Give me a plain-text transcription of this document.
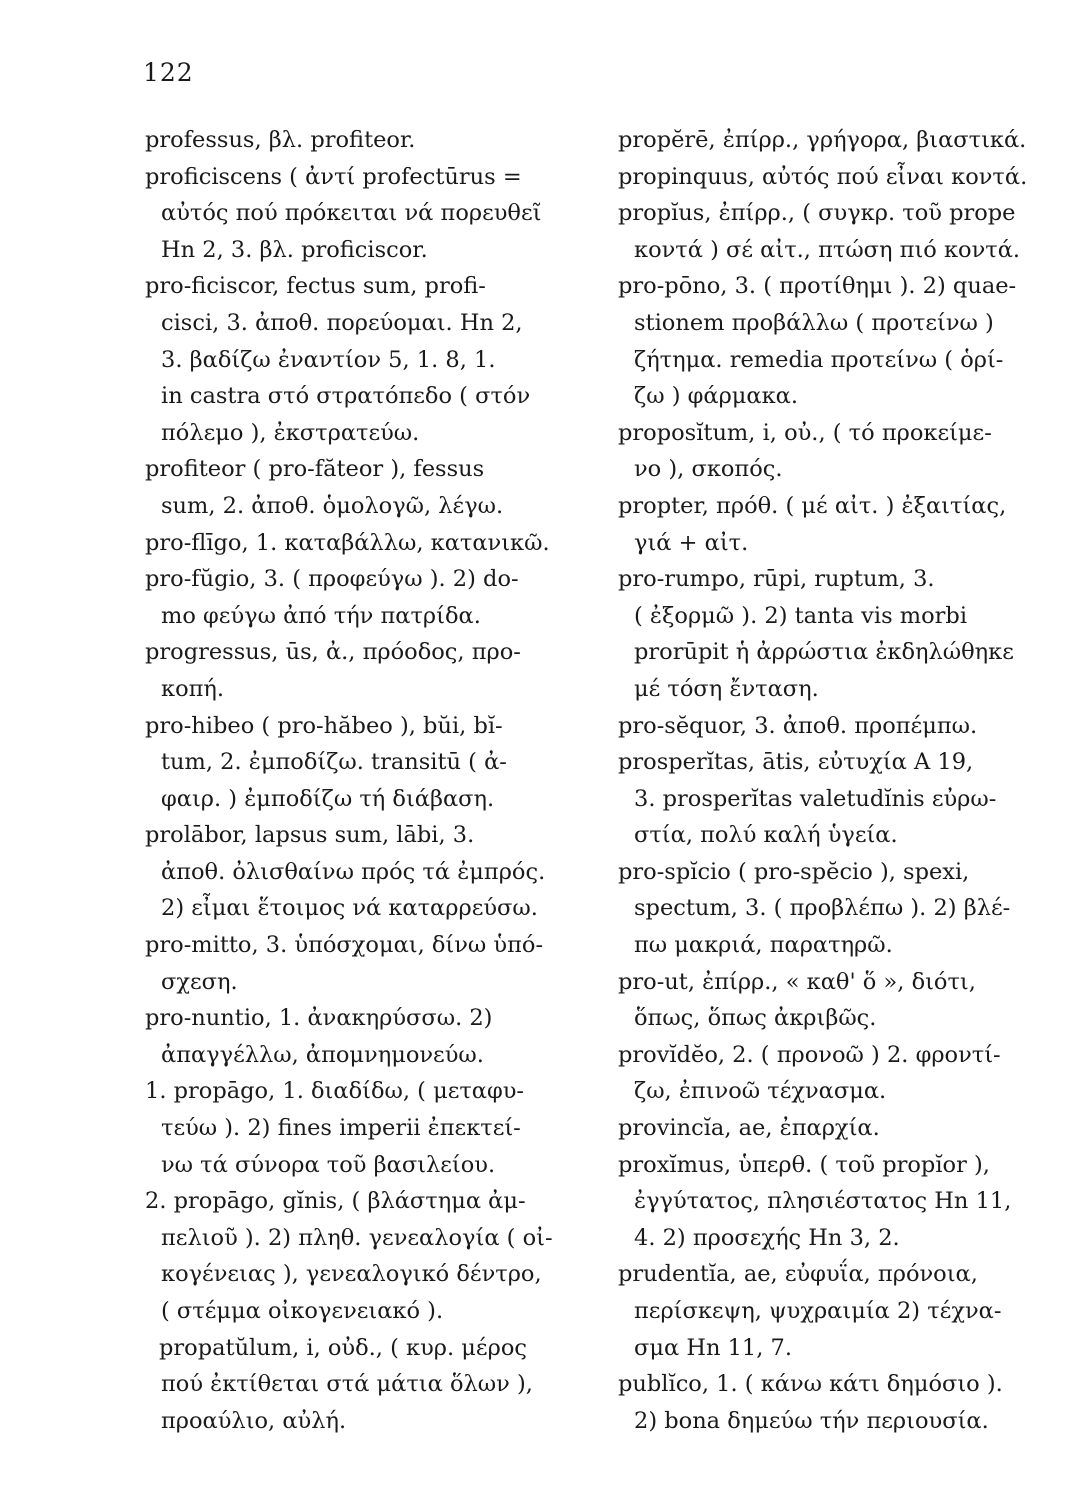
122
professus, βλ. profiteor.
proficiscens ( ἀντί profectūrus =
αὐτός πού πρόκειται νά πορευθεῖ
Hn 2, 3. βλ. proficiscor.
pro-ficiscor, fectus sum, profi-
cisci, 3. ἀποθ. πορεύομαι. Hn 2,
3. βαδίζω ἐναντίον 5, 1. 8, 1.
in castra στό στρατόπεδο ( στόν
πόλεμο ), ἐκστρατεύω.
profiteor ( pro-făteor ), fessus
sum, 2. ἀποθ. ὁμολογῶ, λέγω.
pro-flīgo, 1. καταβάλλω, κατανικῶ.
pro-fŭgio, 3. ( προφεύγω ). 2) do-
mo φεύγω ἀπό τήν πατρίδα.
progressus, ūs, ἀ., πρόοδος, προ-
κοπή.
pro-hibeo ( pro-hăbeo ), bŭi, bĭ-
tum, 2. ἐμποδίζω. transitū ( ἀ-
φαιρ. ) ἐμποδίζω τή διάβαση.
prolābor, lapsus sum, lābi, 3.
ἀποθ. ὀλισθαίνω πρός τά ἐμπρός.
2) εἶμαι ἕτοιμος νά καταρρεύσω.
pro-mitto, 3. ὑπόσχομαι, δίνω ὑπό-
σχεση.
pro-nuntio, 1. ἀνακηρύσσω. 2)
ἀπαγγέλλω, ἀπομνημονεύω.
1. propāgo, 1. διαδίδω, ( μεταφυ-
τεύω ). 2) fines imperii ἐπεκτεί-
νω τά σύνορα τοῦ βασιλείου.
2. propāgo, gĭnis, ( βλάστημα ἀμ-
πελιοῦ ). 2) πληθ. γενεαλογία ( οἰ-
κογένειας ), γενεαλογικό δέντρο,
( στέμμα οἰκογενειακό ).
propatŭlum, i, οὐδ., ( κυρ. μέρος
πού ἐκτίθεται στά μάτια ὅλων ),
προαύλιο, αὐλή.
propĕrē, ἐπίρρ., γρήγορα, βιαστικά.
propinquus, αὐτός πού εἶναι κοντά.
propĭus, ἐπίρρ., ( συγκρ. τοῦ prope
κοντά ) σέ αἰτ., πτώση πιό κοντά.
pro-pōno, 3. ( προτίθημι ). 2) quae-
stionem προβάλλω ( προτείνω )
ζήτημα. remedia προτείνω ( ὁρί-
ζω ) φάρμακα.
proposĭtum, i, οὐ., ( τό προκείμε-
νο ), σκοπός.
propter, πρόθ. ( μέ αἰτ. ) ἐξαιτίας,
γιά + αἰτ.
pro-rumpo, rūpi, ruptum, 3.
( ἐξορμῶ ). 2) tanta vis morbi
prorūpit ἡ ἀρρώστια ἐκδηλώθηκε
μέ τόση ἔνταση.
pro-sĕquor, 3. ἀποθ. προπέμπω.
prosperĭtas, ātis, εὐτυχία A 19,
3. prosperĭtas valetudĭnis εὐρω-
στία, πολύ καλή ὑγεία.
pro-spĭcio ( pro-spĕcio ), spexi,
spectum, 3. ( προβλέπω ). 2) βλέ-
πω μακριά, παρατηρῶ.
pro-ut, ἐπίρρ., « καθ' ὅ », διότι,
ὅπως, ὅπως ἀκριβῶς.
provĭdĕo, 2. ( προνοῶ ) 2. φροντί-
ζω, ἐπινοῶ τέχνασμα.
provincĭa, ae, ἐπαρχία.
proxĭmus, ὑπερθ. ( τοῦ propĭor ),
ἐγγύτατος, πλησιέστατος Hn 11,
4. 2) προσεχής Hn 3, 2.
prudentĭa, ae, εὐφυΐα, πρόνοια,
περίσκεψη, ψυχραιμία 2) τέχνα-
σμα Hn 11, 7.
publĭco, 1. ( κάνω κάτι δημόσιο ).
2) bona δημεύω τήν περιουσία.
